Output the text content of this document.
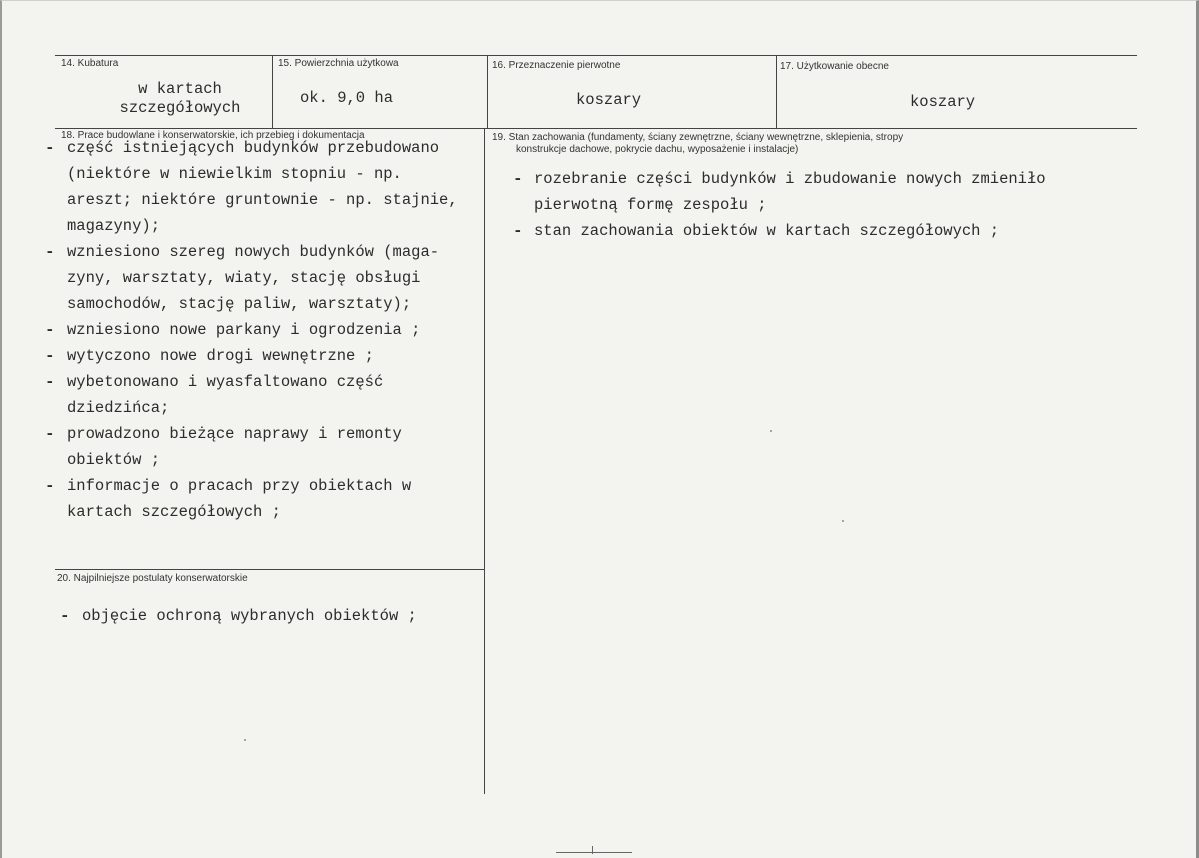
14. Kubatura
w kartach
szczegółowych
15. Powierzchnia użytkowa
ok. 9,0 ha
16. Przeznaczenie pierwotne
koszary
17. Użytkowanie obecne
koszary
18. Prace budowlane i konserwatorskie, ich przebieg i dokumentacja
- część istniejących budynków przebudowano
(niektóre w niewielkim stopniu - np.
areszt; niektóre gruntownie - np. stajnie,
magazyny);
- wzniesiono szereg nowych budynków (maga-
zyny, warsztaty, wiaty, stację obsługi
samochodów, stację paliw, warsztaty);
- wzniesiono nowe parkany i ogrodzenia ;
- wytyczono nowe drogi wewnętrzne ;
- wybetonowano i wyasfaltowano część
dziedzińca;
- prowadzono bieżące naprawy i remonty
obiektów ;
- informacje o pracach przy obiektach w
kartach szczegółowych ;
19. Stan zachowania (fundamenty, ściany zewnętrzne, ściany wewnętrzne, sklepienia, stropy
konstrukcje dachowe, pokrycie dachu, wyposażenie i instalacje)
- rozebranie części budynków i zbudowanie nowych zmieniło
pierwotną formę zespołu ;
- stan zachowania obiektów w kartach szczegółowych ;
20. Najpilniejsze postulaty konserwatorskie
- objęcie ochroną wybranych obiektów ;
